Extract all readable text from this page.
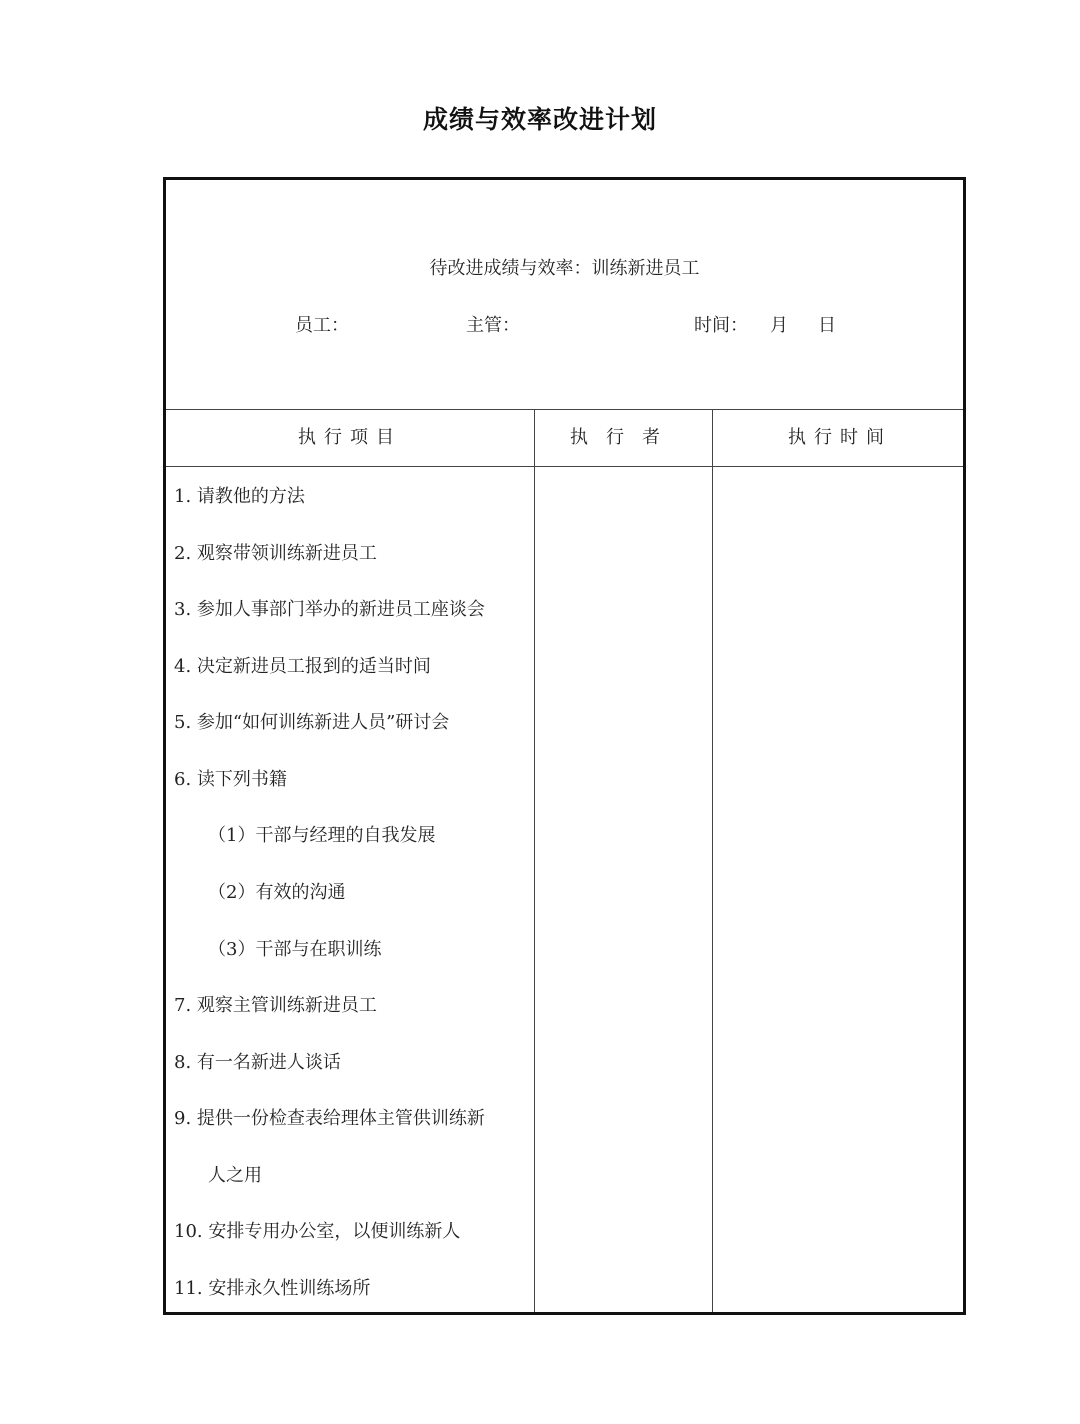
成绩与效率改进计划
待改进成绩与效率：训练新进员工
员工：	主管：	时间： 月 日
执行项目	执行者	执行时间
1. 请教他的方法
2. 观察带领训练新进员工
3. 参加人事部门举办的新进员工座谈会
4. 决定新进员工报到的适当时间
5. 参加“如何训练新进人员”研讨会
6. 读下列书籍
（1）干部与经理的自我发展
（2）有效的沟通
（3）干部与在职训练
7. 观察主管训练新进员工
8. 有一名新进人谈话
9. 提供一份检查表给理体主管供训练新
人之用
10. 安排专用办公室，以便训练新人
11. 安排永久性训练场所
